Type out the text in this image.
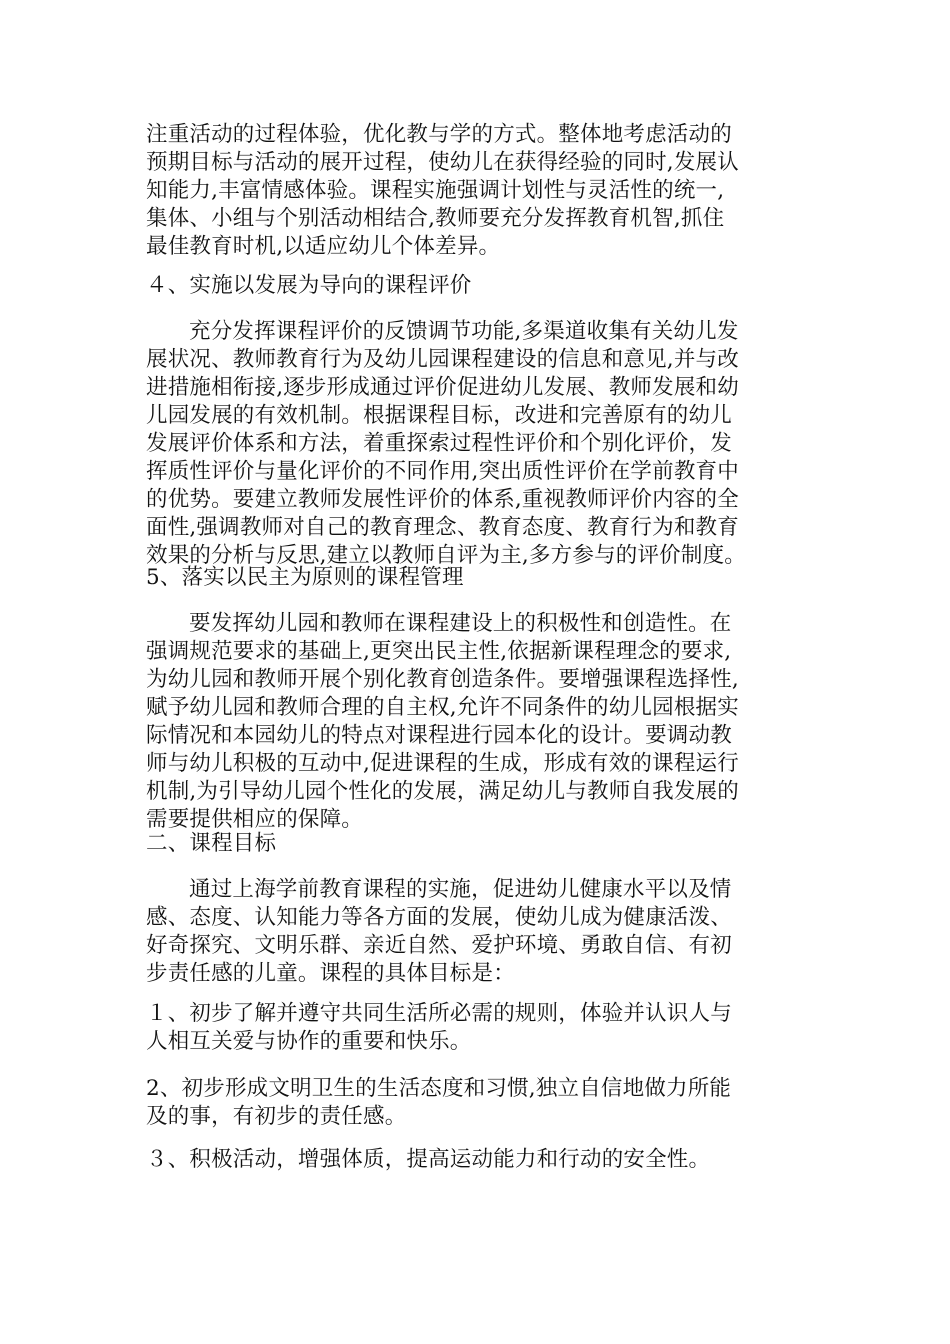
注重活动的过程体验，优化教与学的方式。整体地考虑活动的
预期目标与活动的展开过程，使幼儿在获得经验的同时,发展认
知能力,丰富情感体验。课程实施强调计划性与灵活性的统一,
集体、小组与个别活动相结合,教师要充分发挥教育机智,抓住
最佳教育时机,以适应幼儿个体差异。
４、实施以发展为导向的课程评价
充分发挥课程评价的反馈调节功能,多渠道收集有关幼儿发
展状况、教师教育行为及幼儿园课程建设的信息和意见,并与改
进措施相衔接,逐步形成通过评价促进幼儿发展、教师发展和幼
儿园发展的有效机制。根据课程目标，改进和完善原有的幼儿
发展评价体系和方法，着重探索过程性评价和个别化评价，发
挥质性评价与量化评价的不同作用,突出质性评价在学前教育中
的优势。要建立教师发展性评价的体系,重视教师评价内容的全
面性,强调教师对自己的教育理念、教育态度、教育行为和教育
效果的分析与反思,建立以教师自评为主,多方参与的评价制度。
5、落实以民主为原则的课程管理
要发挥幼儿园和教师在课程建设上的积极性和创造性。在
强调规范要求的基础上,更突出民主性,依据新课程理念的要求,
为幼儿园和教师开展个别化教育创造条件。要增强课程选择性,
赋予幼儿园和教师合理的自主权,允许不同条件的幼儿园根据实
际情况和本园幼儿的特点对课程进行园本化的设计。要调动教
师与幼儿积极的互动中,促进课程的生成，形成有效的课程运行
机制,为引导幼儿园个性化的发展，满足幼儿与教师自我发展的
需要提供相应的保障。
二、课程目标
通过上海学前教育课程的实施，促进幼儿健康水平以及情
感、态度、认知能力等各方面的发展，使幼儿成为健康活泼、
好奇探究、文明乐群、亲近自然、爱护环境、勇敢自信、有初
步责任感的儿童。课程的具体目标是：
１、初步了解并遵守共同生活所必需的规则，体验并认识人与
人相互关爱与协作的重要和快乐。
2、初步形成文明卫生的生活态度和习惯,独立自信地做力所能
及的事，有初步的责任感。
３、积极活动，增强体质，提高运动能力和行动的安全性。
